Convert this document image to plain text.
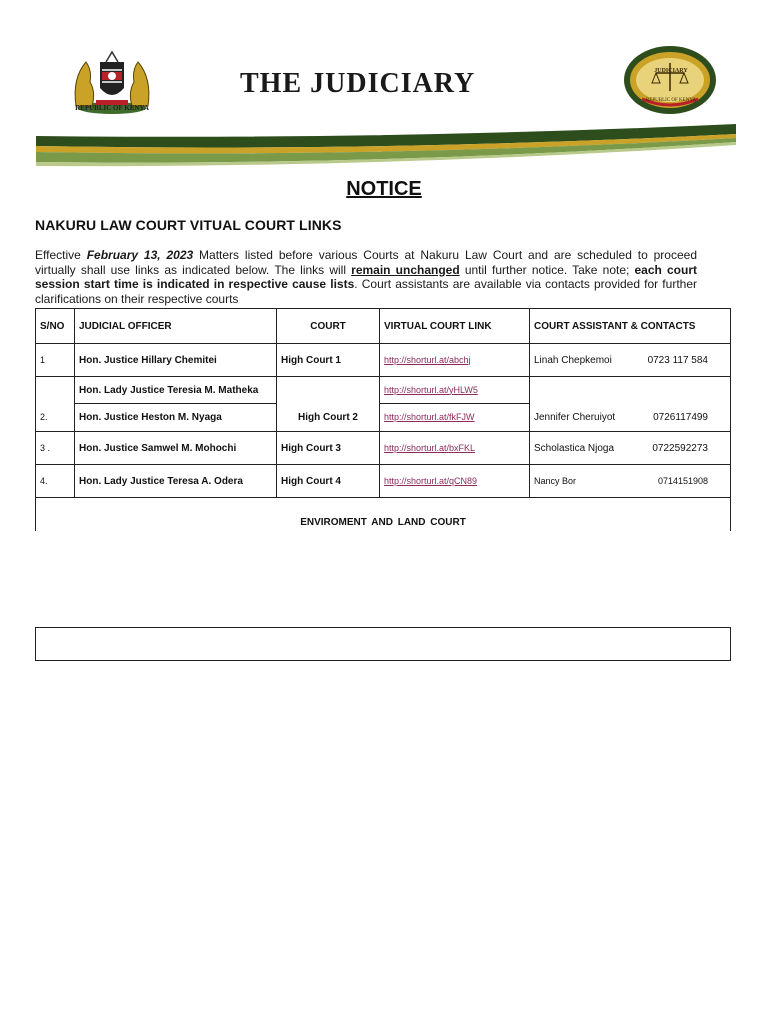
REPUBLIC OF KENYA
THE JUDICIARY	JUDICIARY
REPUBLIC OF KENYA
NOTICE
NAKURU LAW COURT VITUAL COURT LINKS
Effective February 13, 2023 Matters listed before various Courts at Nakuru Law Court and are scheduled to proceed virtually shall use links as indicated below. The links will remain unchanged until further notice. Take note; each court session start time is indicated in respective cause lists. Court assistants are available via contacts provided for further clarifications on their respective courts
S/NO	JUDICIAL OFFICER	COURT	VIRTUAL COURT LINK	COURT ASSISTANT & CONTACTS
1	Hon. Justice Hillary Chemitei	High Court 1	http://shorturl.at/abchj	Linah Chepkemoi 0723 117 584

	Hon. Lady Justice Teresia M. Matheka		http://shorturl.at/yHLW5	
2.	Hon. Justice Heston M. Nyaga	High Court 2	http://shorturl.at/fkFJW	Jennifer Cheruiyot 0726117499

3 .	Hon. Justice Samwel M. Mohochi	High Court 3	http://shorturl.at/bxFKL	Scholastica Njoga 0722592273

4.	Hon. Lady Justice Teresa A. Odera	High Court 4	http://shorturl.at/qCN89	Nancy Bor 0714151908
ENVIROMENT AND LAND COURT
